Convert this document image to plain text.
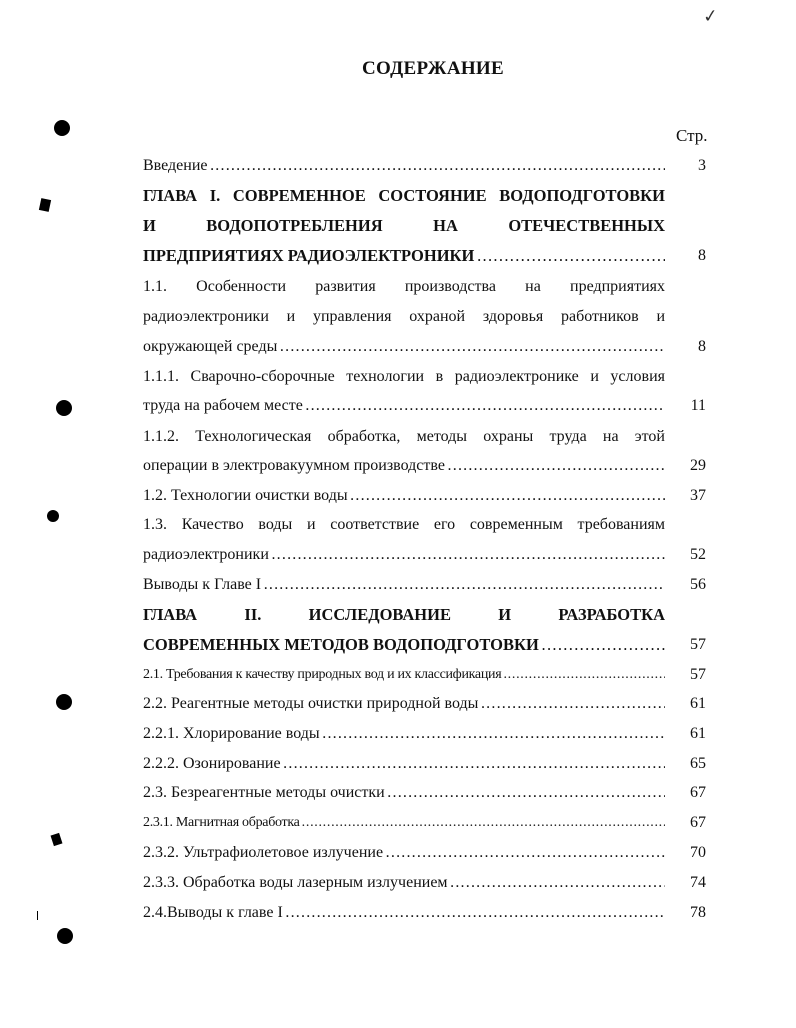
✓
СОДЕРЖАНИЕ
Стр.
Введение . . .	3
ГЛАВА I. СОВРЕМЕННОЕ СОСТОЯНИЕ ВОДОПОДГОТОВКИ
И ВОДОПОТРЕБЛЕНИЯ НА ОТЕЧЕСТВЕННЫХ
ПРЕДПРИЯТИЯХ РАДИОЭЛЕКТРОНИКИ . . .	8
1.1. Особенности развития производства на предприятиях
радиоэлектроники и управления охраной здоровья работников и
окружающей среды . . .	8
1.1.1. Сварочно-сборочные технологии в радиоэлектронике и условия
труда на рабочем месте . . .	11
1.1.2. Технологическая обработка, методы охраны труда на этой
операции в электровакуумном производстве . . .	29
1.2. Технологии очистки воды . . .	37
1.3. Качество воды и соответствие его современным требованиям
радиоэлектроники . . .	52
Выводы к Главе I . . .	56
ГЛАВА II. ИССЛЕДОВАНИЕ И РАЗРАБОТКА
СОВРЕМЕННЫХ МЕТОДОВ ВОДОПОДГОТОВКИ . . .	57
2.1. Требования к качеству природных вод и их классификация . . .	57
2.2. Реагентные методы очистки природной воды . . .	61
2.2.1. Хлорирование воды . . .	61
2.2.2. Озонирование . . .	65
2.3. Безреагентные методы очистки . . .	67
2.3.1. Магнитная обработка . . .	67
2.3.2. Ультрафиолетовое излучение . . .	70
2.3.3. Обработка воды лазерным излучением . . .	74
2.4.Выводы к главе I . . .	78
